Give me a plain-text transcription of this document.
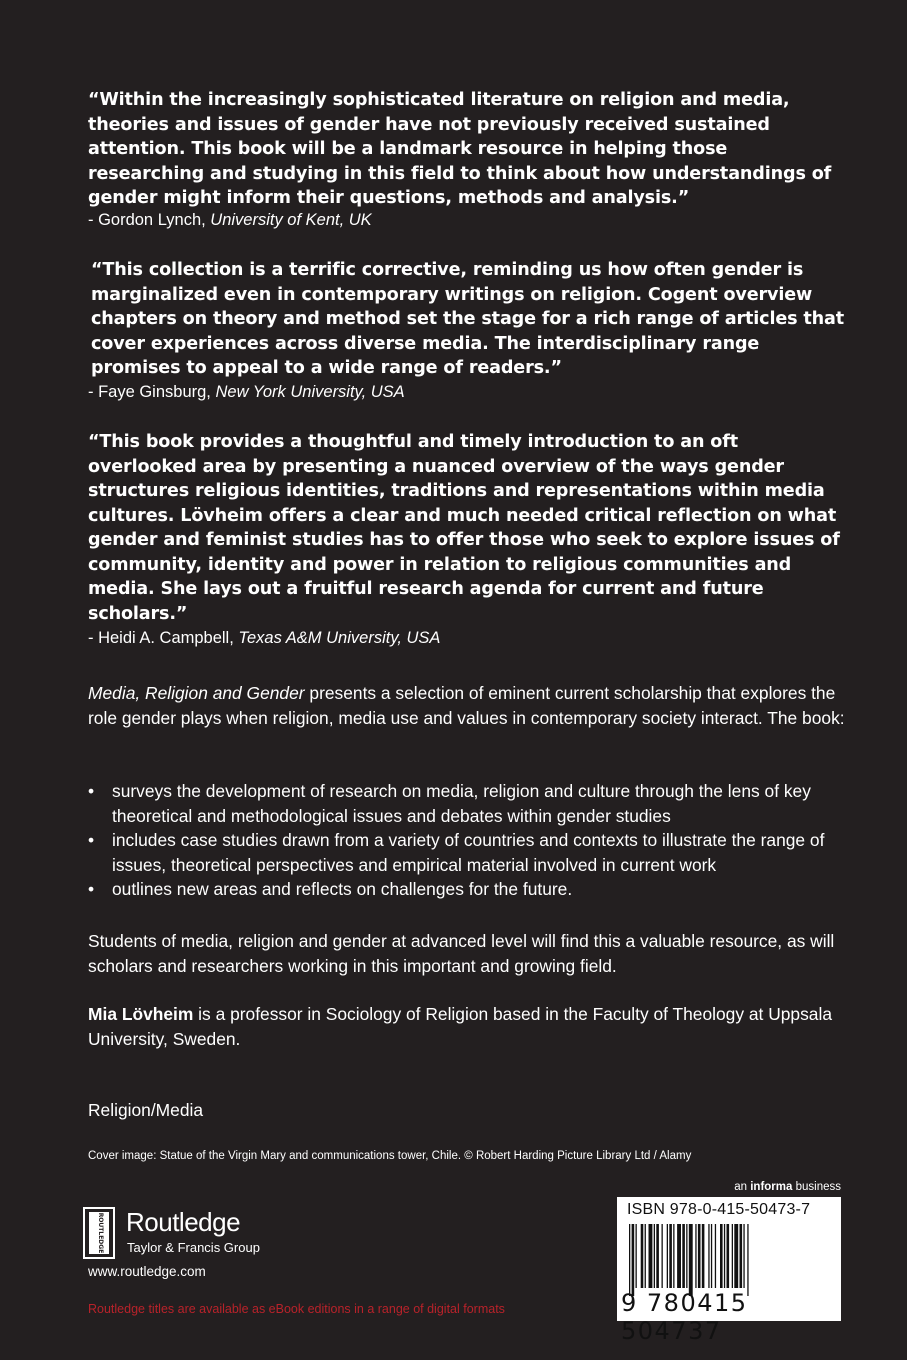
“Within the increasingly sophisticated literature on religion and media, theories and issues of gender have not previously received sustained attention. This book will be a landmark resource in helping those researching and studying in this field to think about how understandings of gender might inform their questions, methods and analysis.”

- Gordon Lynch, University of Kent, UK

“This collection is a terrific corrective, reminding us how often gender is marginalized even in contemporary writings on religion. Cogent overview chapters on theory and method set the stage for a rich range of articles that cover experiences across diverse media. The interdisciplinary range promises to appeal to a wide range of readers.”

- Faye Ginsburg, New York University, USA

“This book provides a thoughtful and timely introduction to an oft overlooked area by presenting a nuanced overview of the ways gender structures religious identities, traditions and representations within media cultures. Lövheim offers a clear and much needed critical reflection on what gender and feminist studies has to offer those who seek to explore issues of community, identity and power in relation to religious communities and media. She lays out a fruitful research agenda for current and future scholars.”

- Heidi A. Campbell, Texas A&M University, USA

Media, Religion and Gender presents a selection of eminent current scholarship that explores the role gender plays when religion, media use and values in contemporary society interact. The book:

• surveys the development of research on media, religion and culture through the lens of key theoretical and methodological issues and debates within gender studies
• includes case studies drawn from a variety of countries and contexts to illustrate the range of issues, theoretical perspectives and empirical material involved in current work
• outlines new areas and reflects on challenges for the future.

Students of media, religion and gender at advanced level will find this a valuable resource, as will scholars and researchers working in this important and growing field.

Mia Lövheim is a professor in Sociology of Religion based in the Faculty of Theology at Uppsala University, Sweden.

Religion/Media
Cover image: Statue of the Virgin Mary and communications tower, Chile. © Robert Harding Picture Library Ltd / Alamy
an informa business
ROUTLEDGE Routledge
Taylor & Francis Group
www.routledge.com
Routledge titles are available as eBook editions in a range of digital formats
ISBN 978-0-415-50473-7
9 780415 504737
